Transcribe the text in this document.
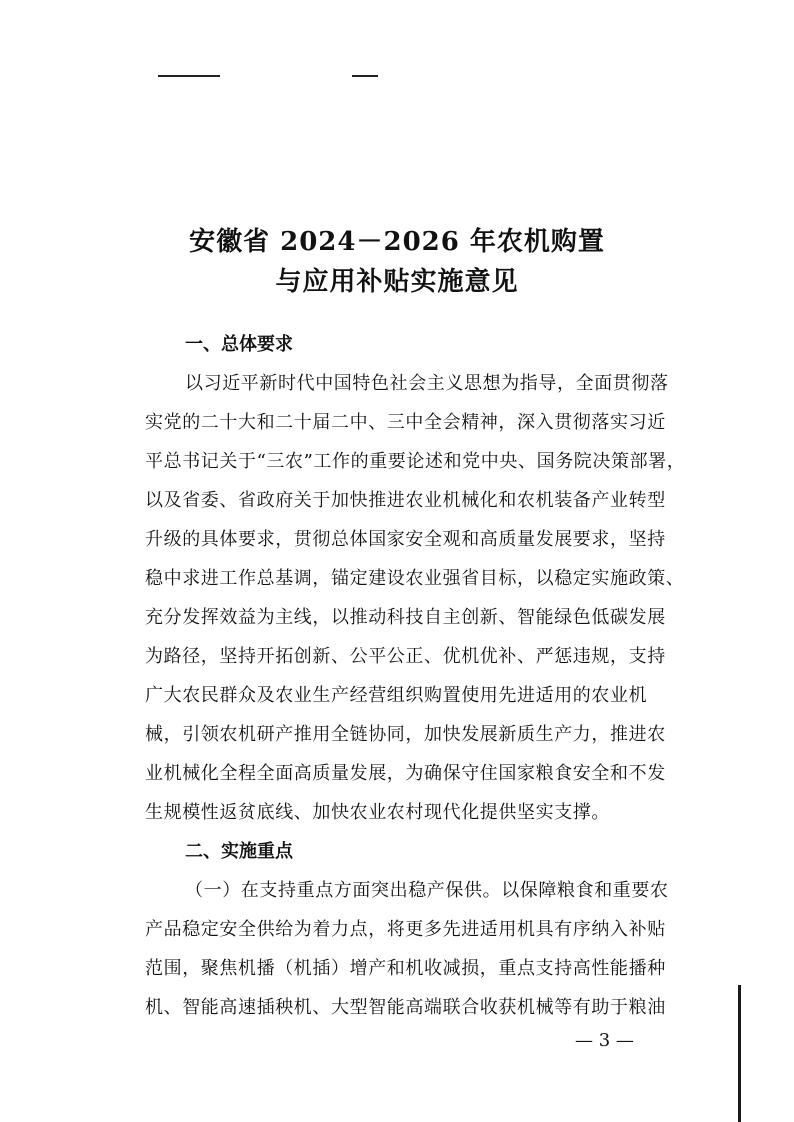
安徽省 2024－2026 年农机购置
与应用补贴实施意见
一、总体要求
以习近平新时代中国特色社会主义思想为指导，全面贯彻落
实党的二十大和二十届二中、三中全会精神，深入贯彻落实习近
平总书记关于“三农”工作的重要论述和党中央、国务院决策部署，
以及省委、省政府关于加快推进农业机械化和农机装备产业转型
升级的具体要求，贯彻总体国家安全观和高质量发展要求，坚持
稳中求进工作总基调，锚定建设农业强省目标，以稳定实施政策、
充分发挥效益为主线，以推动科技自主创新、智能绿色低碳发展
为路径，坚持开拓创新、公平公正、优机优补、严惩违规，支持
广大农民群众及农业生产经营组织购置使用先进适用的农业机
械，引领农机研产推用全链协同，加快发展新质生产力，推进农
业机械化全程全面高质量发展，为确保守住国家粮食安全和不发
生规模性返贫底线、加快农业农村现代化提供坚实支撑。
二、实施重点
（一）在支持重点方面突出稳产保供。以保障粮食和重要农
产品稳定安全供给为着力点，将更多先进适用机具有序纳入补贴
范围，聚焦机播（机插）增产和机收减损，重点支持高性能播种
机、智能高速插秧机、大型智能高端联合收获机械等有助于粮油
— 3 —
